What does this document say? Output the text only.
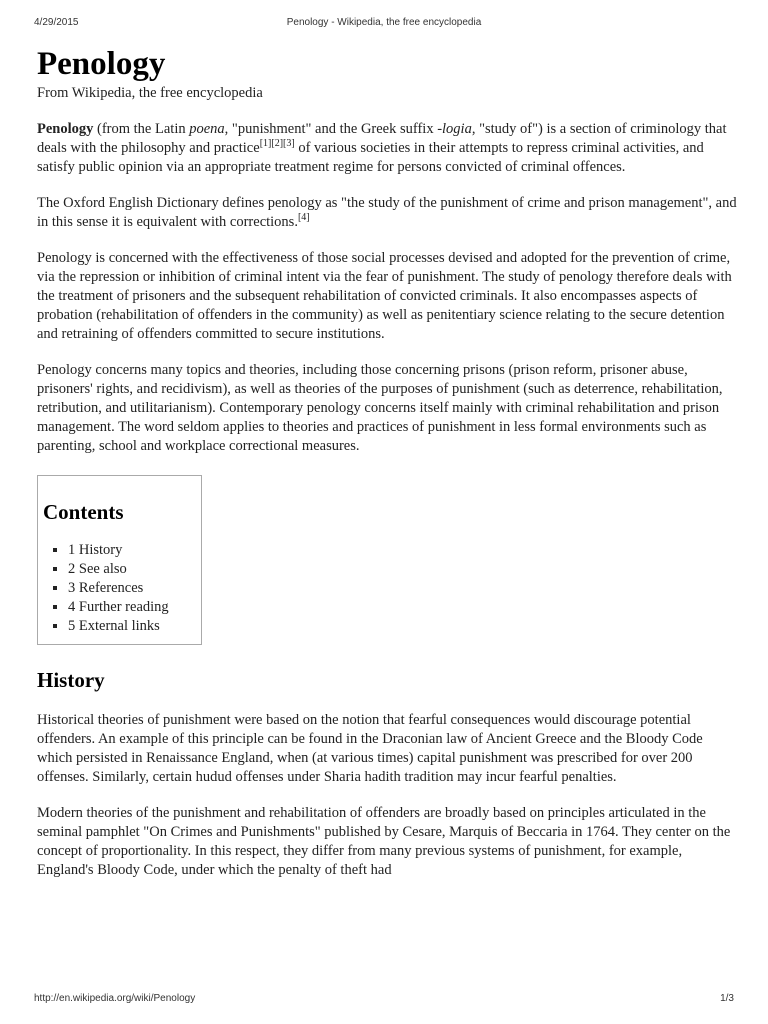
4/29/2015	Penology - Wikipedia, the free encyclopedia
Penology
From Wikipedia, the free encyclopedia

Penology (from the Latin poena, "punishment" and the Greek suffix -logia, "study of") is a section of criminology that deals with the philosophy and practice[1][2][3] of various societies in their attempts to repress criminal activities, and satisfy public opinion via an appropriate treatment regime for persons convicted of criminal offences.

The Oxford English Dictionary defines penology as "the study of the punishment of crime and prison management", and in this sense it is equivalent with corrections.[4]

Penology is concerned with the effectiveness of those social processes devised and adopted for the prevention of crime, via the repression or inhibition of criminal intent via the fear of punishment. The study of penology therefore deals with the treatment of prisoners and the subsequent rehabilitation of convicted criminals. It also encompasses aspects of probation (rehabilitation of offenders in the community) as well as penitentiary science relating to the secure detention and retraining of offenders committed to secure institutions.

Penology concerns many topics and theories, including those concerning prisons (prison reform, prisoner abuse, prisoners' rights, and recidivism), as well as theories of the purposes of punishment (such as deterrence, rehabilitation, retribution, and utilitarianism). Contemporary penology concerns itself mainly with criminal rehabilitation and prison management. The word seldom applies to theories and practices of punishment in less formal environments such as parenting, school and workplace correctional measures.

Contents
▪ 1 History
▪ 2 See also
▪ 3 References
▪ 4 Further reading
▪ 5 External links
History

Historical theories of punishment were based on the notion that fearful consequences would discourage potential offenders. An example of this principle can be found in the Draconian law of Ancient Greece and the Bloody Code which persisted in Renaissance England, when (at various times) capital punishment was prescribed for over 200 offenses. Similarly, certain hudud offenses under Sharia hadith tradition may incur fearful penalties.

Modern theories of the punishment and rehabilitation of offenders are broadly based on principles articulated in the seminal pamphlet "On Crimes and Punishments" published by Cesare, Marquis of Beccaria in 1764. They center on the concept of proportionality. In this respect, they differ from many previous systems of punishment, for example, England's Bloody Code, under which the penalty of theft had

http://en.wikipedia.org/wiki/Penology	1/3
